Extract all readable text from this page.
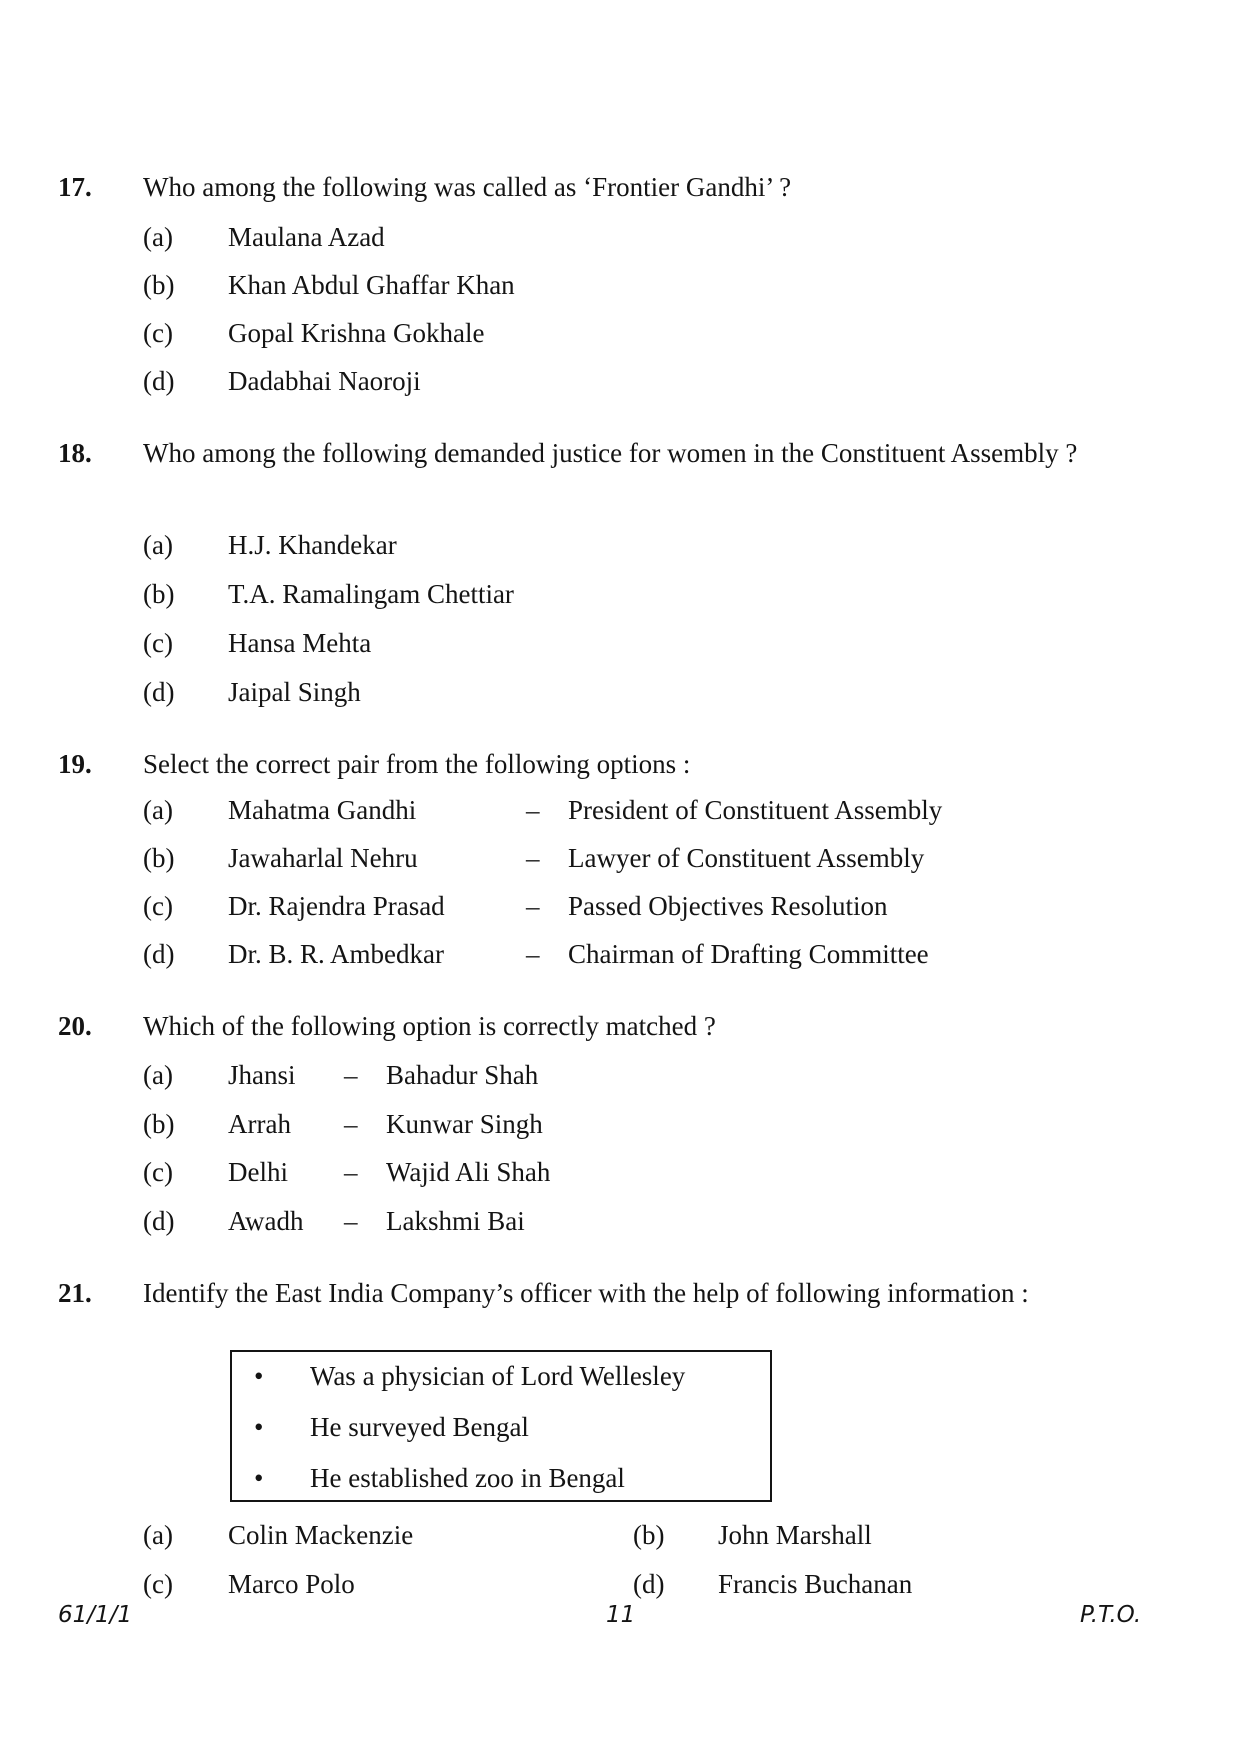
17. Who among the following was called as ‘Frontier Gandhi’ ?
(a) Maulana Azad
(b) Khan Abdul Ghaffar Khan
(c) Gopal Krishna Gokhale
(d) Dadabhai Naoroji
18. Who among the following demanded justice for women in the Constituent Assembly ?
(a) H.J. Khandekar
(b) T.A. Ramalingam Chettiar
(c) Hansa Mehta
(d) Jaipal Singh
19. Select the correct pair from the following options :
(a) Mahatma Gandhi	– President of Constituent Assembly
(b) Jawaharlal Nehru	– Lawyer of Constituent Assembly
(c) Dr. Rajendra Prasad	– Passed Objectives Resolution
(d) Dr. B. R. Ambedkar	– Chairman of Drafting Committee
20. Which of the following option is correctly matched ?
(a) Jhansi – Bahadur Shah
(b) Arrah – Kunwar Singh
(c) Delhi – Wajid Ali Shah
(d) Awadh – Lakshmi Bai
21. Identify the East India Company’s officer with the help of following information :
• Was a physician of Lord Wellesley
• He surveyed Bengal
• He established zoo in Bengal
(a) Colin Mackenzie	(b) John Marshall
(c) Marco Polo	(d) Francis Buchanan
61/1/1	11	P.T.O.
